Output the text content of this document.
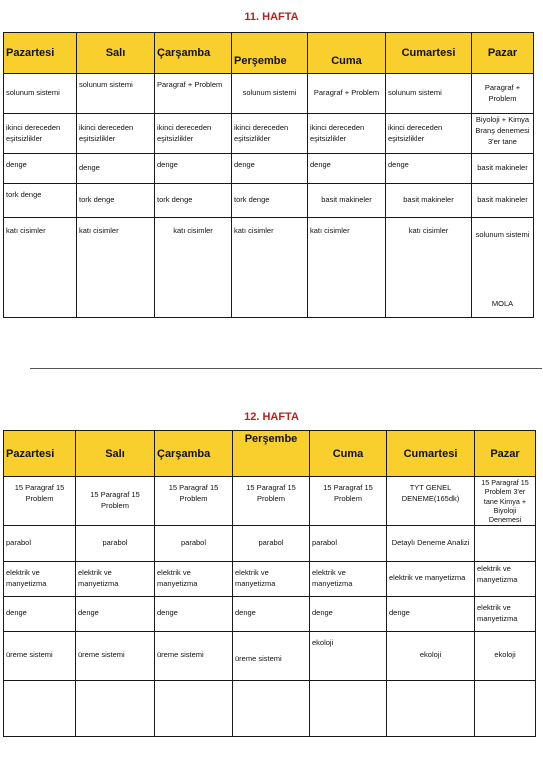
11. HAFTA
Pazartesi	Salı	Çarşamba	Perşembe	Cuma	Cumartesi	Pazar
solunum sistemi	solunum sistemi	Paragraf + Problem	solunum sistemi	Paragraf + Problem	solunum sistemi	Paragraf + Problem
ikinci dereceden eşitsizlikler	ikinci dereceden eşitsizlikler	ikinci dereceden eşitsizlikler	ikinci dereceden eşitsizlikler	ikinci dereceden eşitsizlikler	ikinci dereceden eşitsizlikler	Biyoloji + Kimya Branş denemesi 3'er tane
denge	denge	denge	denge	denge	denge	basit makineler
tork denge	tork denge	tork denge	tork denge	basit makineler	basit makineler	basit makineler
katı cisimler	katı cisimler	katı cisimler	katı cisimler	katı cisimler	katı cisimler	solunum sistemi
MOLA
12. HAFTA
Pazartesi	Salı	Çarşamba	Perşembe	Cuma	Cumartesi	Pazar
15 Paragraf 15 Problem	15 Paragraf 15 Problem	15 Paragraf 15 Problem	15 Paragraf 15 Problem	15 Paragraf 15 Problem	TYT GENEL DENEME(165dk)	15 Paragraf 15 Problem 3'er tane Kimya + Biyoloji Denemesi
parabol	parabol	parabol	parabol	parabol	Detaylı Deneme Analizi	
elektrik ve manyetizma	elektrik ve manyetizma	elektrik ve manyetizma	elektrik ve manyetizma	elektrik ve manyetizma	elektrik ve manyetizma	elektrik ve manyetizma
denge	denge	denge	denge	denge	denge	elektrik ve manyetizma
üreme sistemi	üreme sistemi	üreme sistemi	üreme sistemi	ekoloji	ekoloji	ekoloji
